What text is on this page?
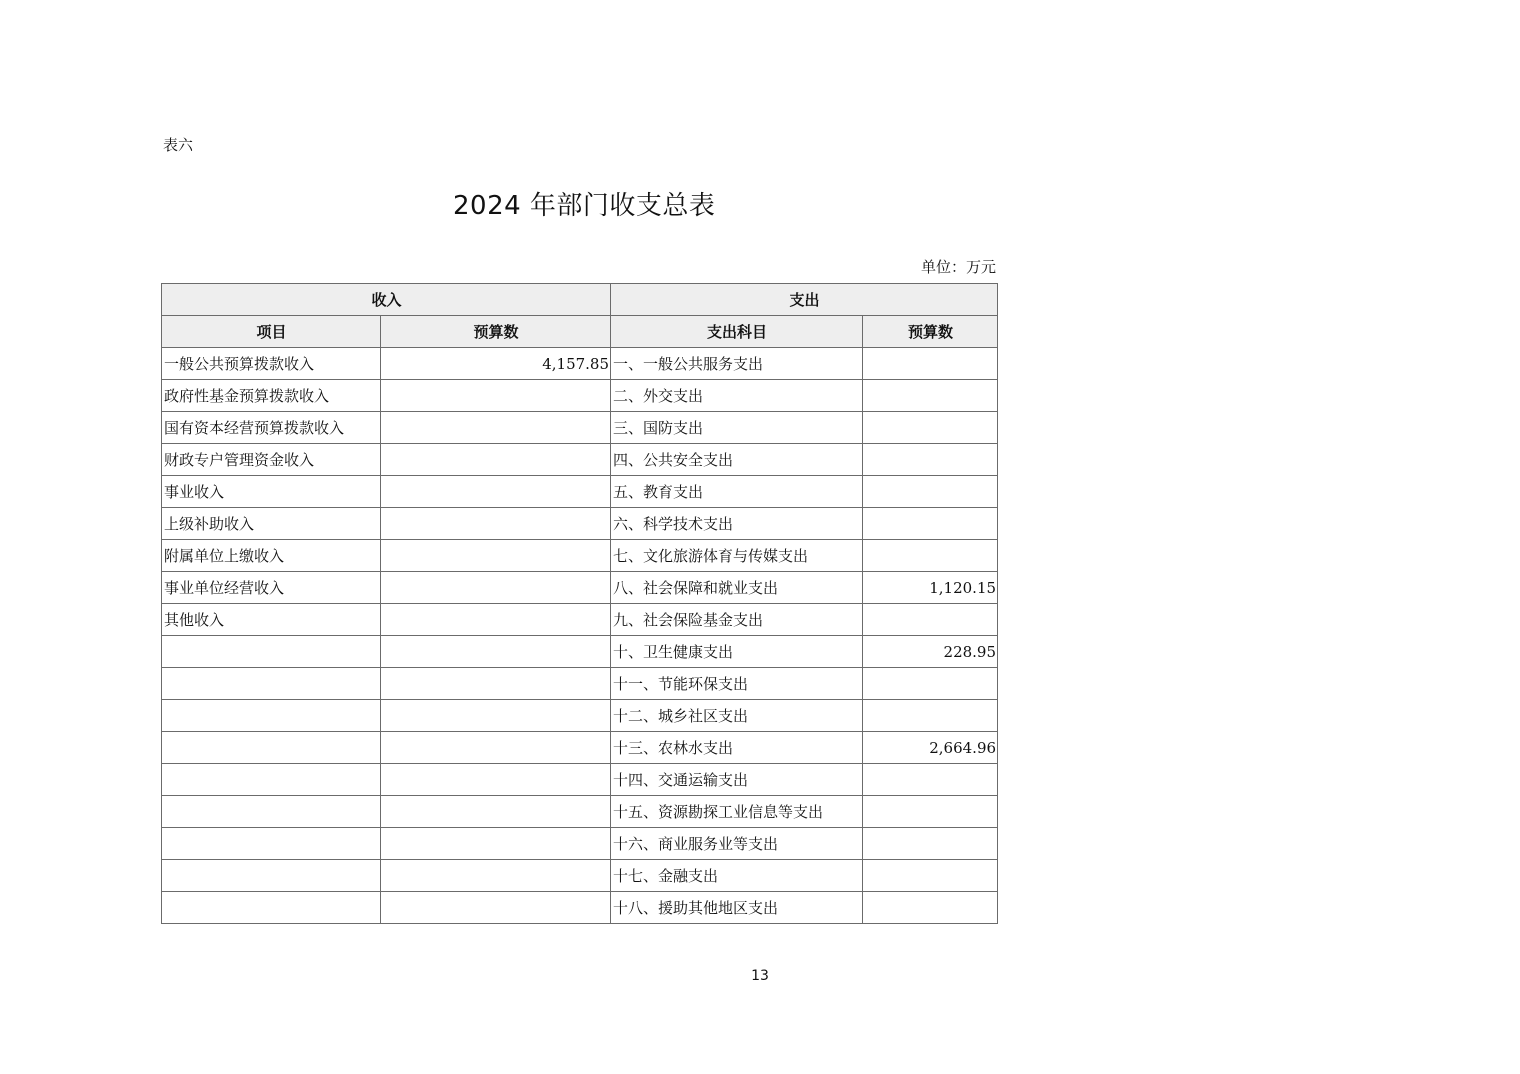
表六
2024 年部门收支总表
单位：万元
收入		支出	
项目	预算数	支出科目	预算数
一般公共预算拨款收入	4,157.85	一、一般公共服务支出	
政府性基金预算拨款收入		二、外交支出	
国有资本经营预算拨款收入		三、国防支出	
财政专户管理资金收入		四、公共安全支出	
事业收入		五、教育支出	
上级补助收入		六、科学技术支出	
附属单位上缴收入		七、文化旅游体育与传媒支出	
事业单位经营收入		八、社会保障和就业支出	1,120.15
其他收入		九、社会保险基金支出	
		十、卫生健康支出	228.95
		十一、节能环保支出	
		十二、城乡社区支出	
		十三、农林水支出	2,664.96
		十四、交通运输支出	
		十五、资源勘探工业信息等支出	
		十六、商业服务业等支出	
		十七、金融支出	
		十八、援助其他地区支出	
13
